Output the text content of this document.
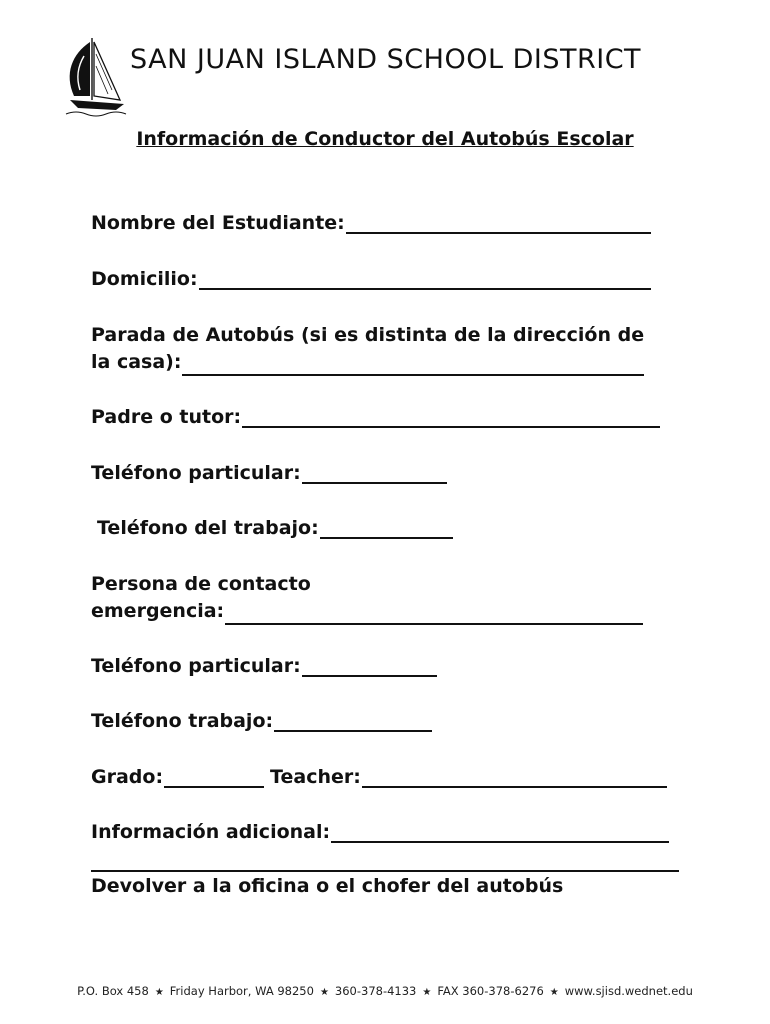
SAN JUAN ISLAND SCHOOL DISTRICT
Información de Conductor del Autobús Escolar
Nombre del Estudiante:
Domicilio:
Parada de Autobús (si es distinta de la dirección de
la casa):
Padre o tutor:
Teléfono particular:
Teléfono del trabajo:
Persona de contacto
emergencia:
Teléfono particular:
Teléfono trabajo:
Grado:	Teacher:
Información adicional:
Devolver a la oficina o el chofer del autobús
P.O. Box 458 ★ Friday Harbor, WA 98250 ★ 360-378-4133 ★ FAX 360-378-6276 ★ www.sjisd.wednet.edu
